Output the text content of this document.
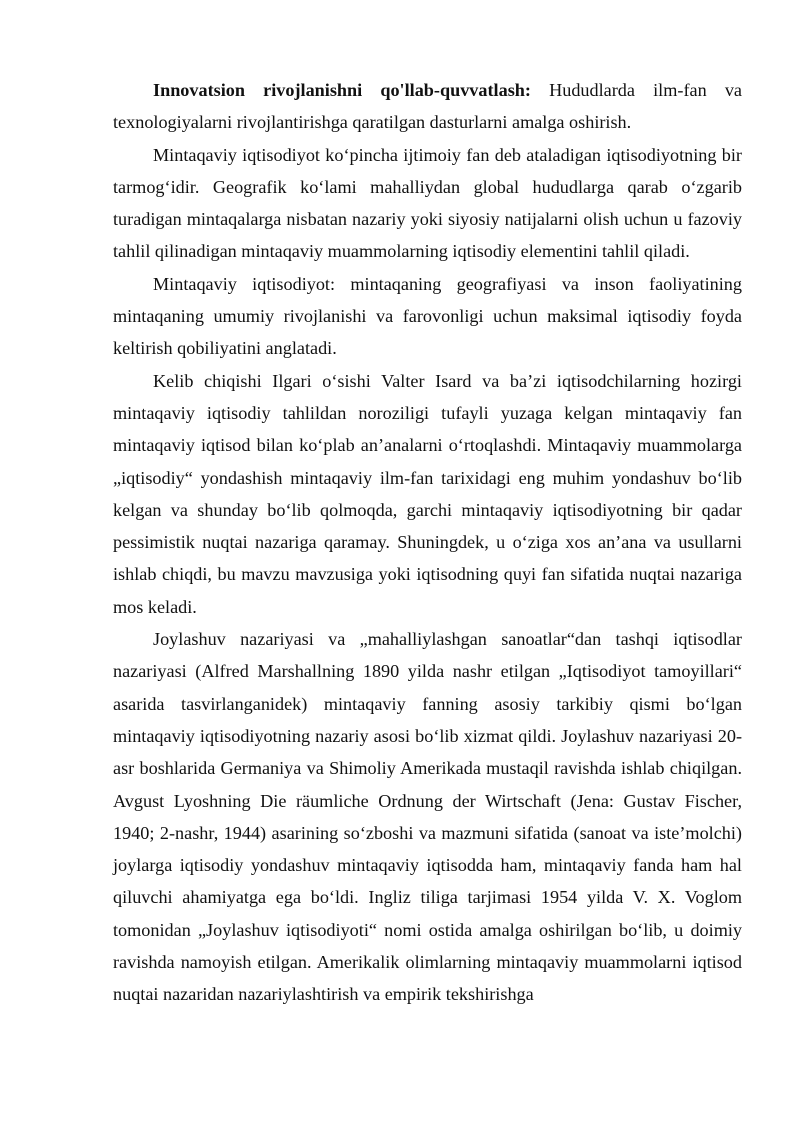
Innovatsion rivojlanishni qo'llab-quvvatlash: Hududlarda ilm-fan va texnologiyalarni rivojlantirishga qaratilgan dasturlarni amalga oshirish.

Mintaqaviy iqtisodiyot ko‘pincha ijtimoiy fan deb ataladigan iqtisodiyotning bir tarmog‘idir. Geografik ko‘lami mahalliydan global hududlarga qarab o‘zgarib turadigan mintaqalarga nisbatan nazariy yoki siyosiy natijalarni olish uchun u fazoviy tahlil qilinadigan mintaqaviy muammolarning iqtisodiy elementini tahlil qiladi.

Mintaqaviy iqtisodiyot: mintaqaning geografiyasi va inson faoliyatining mintaqaning umumiy rivojlanishi va farovonligi uchun maksimal iqtisodiy foyda keltirish qobiliyatini anglatadi.

Kelib chiqishi Ilgari o‘sishi Valter Isard va ba’zi iqtisodchilarning hozirgi mintaqaviy iqtisodiy tahlildan noroziligi tufayli yuzaga kelgan mintaqaviy fan mintaqaviy iqtisod bilan ko‘plab an’analarni o‘rtoqlashdi. Mintaqaviy muammolarga „iqtisodiy“ yondashish mintaqaviy ilm-fan tarixidagi eng muhim yondashuv bo‘lib kelgan va shunday bo‘lib qolmoqda, garchi mintaqaviy iqtisodiyotning bir qadar pessimistik nuqtai nazariga qaramay. Shuningdek, u o‘ziga xos an’ana va usullarni ishlab chiqdi, bu mavzu mavzusiga yoki iqtisodning quyi fan sifatida nuqtai nazariga mos keladi.

Joylashuv nazariyasi va „mahalliylashgan sanoatlar“dan tashqi iqtisodlar nazariyasi (Alfred Marshallning 1890 yilda nashr etilgan „Iqtisodiyot tamoyillari“ asarida tasvirlanganidek) mintaqaviy fanning asosiy tarkibiy qismi bo‘lgan mintaqaviy iqtisodiyotning nazariy asosi bo‘lib xizmat qildi. Joylashuv nazariyasi 20-asr boshlarida Germaniya va Shimoliy Amerikada mustaqil ravishda ishlab chiqilgan. Avgust Lyoshning Die räumliche Ordnung der Wirtschaft (Jena: Gustav Fischer, 1940; 2-nashr, 1944) asarining so‘zboshi va mazmuni sifatida (sanoat va iste’molchi) joylarga iqtisodiy yondashuv mintaqaviy iqtisodda ham, mintaqaviy fanda ham hal qiluvchi ahamiyatga ega bo‘ldi. Ingliz tiliga tarjimasi 1954 yilda V. X. Voglom tomonidan „Joylashuv iqtisodiyoti“ nomi ostida amalga oshirilgan bo‘lib, u doimiy ravishda namoyish etilgan. Amerikalik olimlarning mintaqaviy muammolarni iqtisod nuqtai nazaridan nazariylashtirish va empirik tekshirishga
